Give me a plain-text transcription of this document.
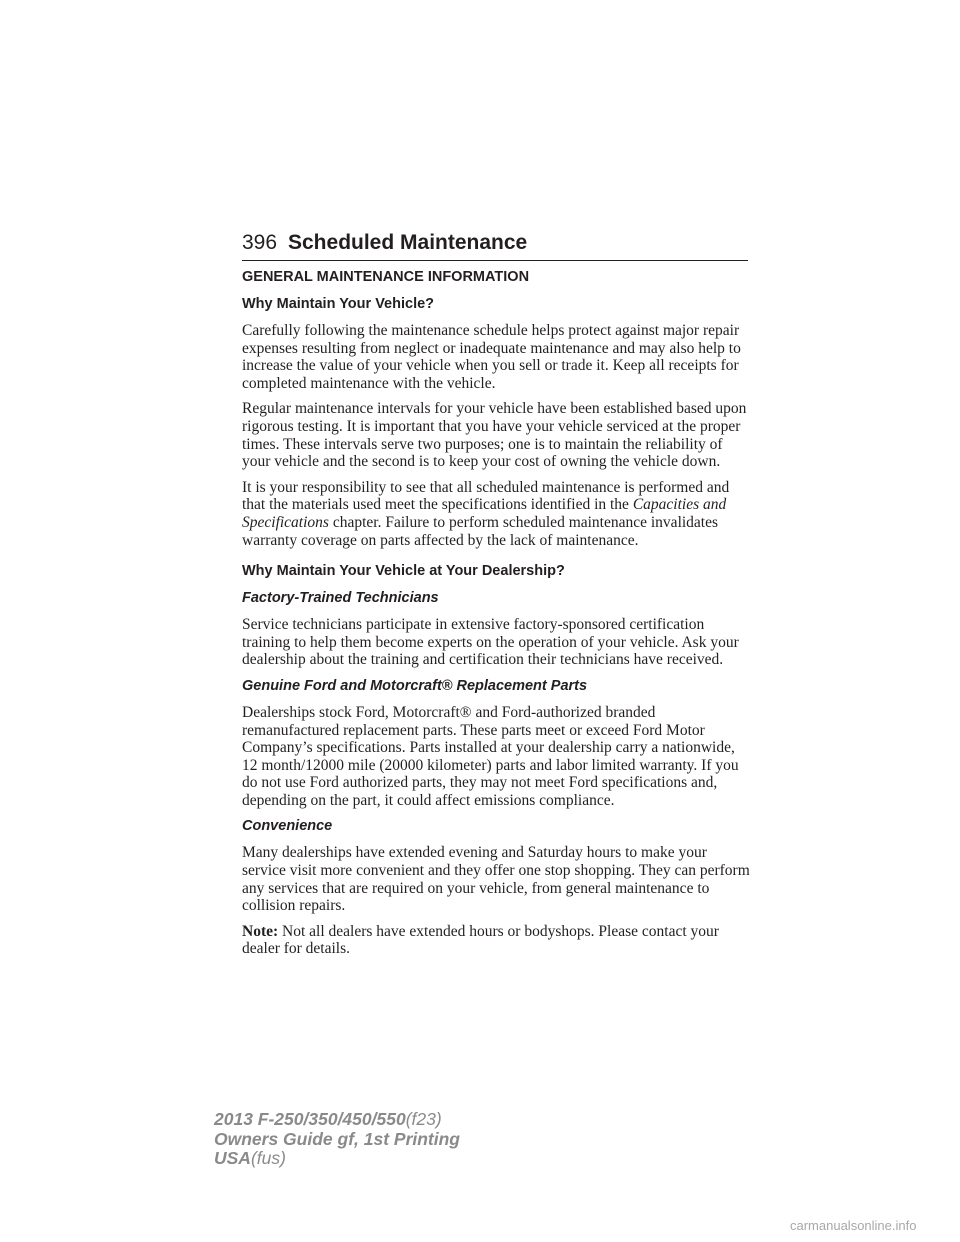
396 Scheduled Maintenance
GENERAL MAINTENANCE INFORMATION
Why Maintain Your Vehicle?

Carefully following the maintenance schedule helps protect against major repair expenses resulting from neglect or inadequate maintenance and may also help to increase the value of your vehicle when you sell or trade it. Keep all receipts for completed maintenance with the vehicle.

Regular maintenance intervals for your vehicle have been established based upon rigorous testing. It is important that you have your vehicle serviced at the proper times. These intervals serve two purposes; one is to maintain the reliability of your vehicle and the second is to keep your cost of owning the vehicle down.

It is your responsibility to see that all scheduled maintenance is performed and that the materials used meet the specifications identified in the Capacities and Specifications chapter. Failure to perform scheduled maintenance invalidates warranty coverage on parts affected by the lack of maintenance.

Why Maintain Your Vehicle at Your Dealership?
Factory-Trained Technicians

Service technicians participate in extensive factory-sponsored certification training to help them become experts on the operation of your vehicle. Ask your dealership about the training and certification their technicians have received.

Genuine Ford and Motorcraft® Replacement Parts

Dealerships stock Ford, Motorcraft® and Ford-authorized branded remanufactured replacement parts. These parts meet or exceed Ford Motor Company’s specifications. Parts installed at your dealership carry a nationwide, 12 month/12000 mile (20000 kilometer) parts and labor limited warranty. If you do not use Ford authorized parts, they may not meet Ford specifications and, depending on the part, it could affect emissions compliance.

Convenience

Many dealerships have extended evening and Saturday hours to make your service visit more convenient and they offer one stop shopping. They can perform any services that are required on your vehicle, from general maintenance to collision repairs.

Note: Not all dealers have extended hours or bodyshops. Please contact your dealer for details.

2013 F-250/350/450/550(f23)
Owners Guide gf, 1st Printing
USA(fus)
carmanualsonline.info
